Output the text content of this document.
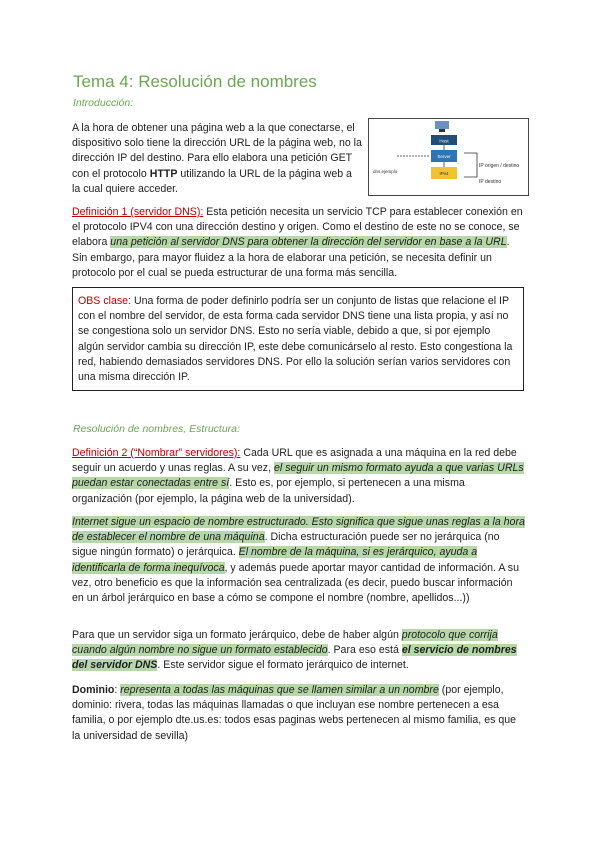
Tema 4: Resolución de nombres
Introducción:
A la hora de obtener una página web a la que conectarse, el dispositivo solo tiene la dirección URL de la página web, no la dirección IP del destino. Para ello elabora una petición GET con el protocolo HTTP utilizando la URL de la página web a la cual quiere acceder.
Host
Server
IPv4
IP origen / destino
IP destino
dns.ejemplo
Definición 1 (servidor DNS): Esta petición necesita un servicio TCP para establecer conexión en el protocolo IPV4 con una dirección destino y origen. Como el destino de este no se conoce, se elabora una petición al servidor DNS para obtener la dirección del servidor en base a la URL. Sin embargo, para mayor fluidez a la hora de elaborar una petición, se necesita definir un protocolo por el cual se pueda estructurar de una forma más sencilla.
OBS clase: Una forma de poder definirlo podría ser un conjunto de listas que relacione el IP con el nombre del servidor, de esta forma cada servidor DNS tiene una lista propia, y así no se congestiona solo un servidor DNS. Esto no sería viable, debido a que, si por ejemplo algún servidor cambia su dirección IP, este debe comunicárselo al resto. Esto congestiona la red, habiendo demasiados servidores DNS. Por ello la solución serían varios servidores con una misma dirección IP.
Resolución de nombres, Estructura:
Definición 2 (“Nombrar” servidores): Cada URL que es asignada a una máquina en la red debe seguir un acuerdo y unas reglas. A su vez, el seguir un mismo formato ayuda a que varias URLs puedan estar conectadas entre sí. Esto es, por ejemplo, si pertenecen a una misma organización (por ejemplo, la página web de la universidad).
Internet sigue un espacio de nombre estructurado. Esto significa que sigue unas reglas a la hora de establecer el nombre de una máquina. Dicha estructuración puede ser no jerárquica (no sigue ningún formato) o jerárquica. El nombre de la máquina, si es jerárquico, ayuda a identificarla de forma inequívoca, y además puede aportar mayor cantidad de información. A su vez, otro beneficio es que la información sea centralizada (es decir, puedo buscar información en un árbol jerárquico en base a cómo se compone el nombre (nombre, apellidos...))
Para que un servidor siga un formato jerárquico, debe de haber algún protocolo que corrija cuando algún nombre no sigue un formato establecido. Para eso está el servicio de nombres del servidor DNS. Este servidor sigue el formato jerárquico de internet.
Dominio: representa a todas las máquinas que se llamen similar a un nombre (por ejemplo, dominio: rivera, todas las máquinas llamadas o que incluyan ese nombre pertenecen a esa familia, o por ejemplo dte.us.es: todos esas paginas webs pertenecen al mismo familia, es que la universidad de sevilla)
